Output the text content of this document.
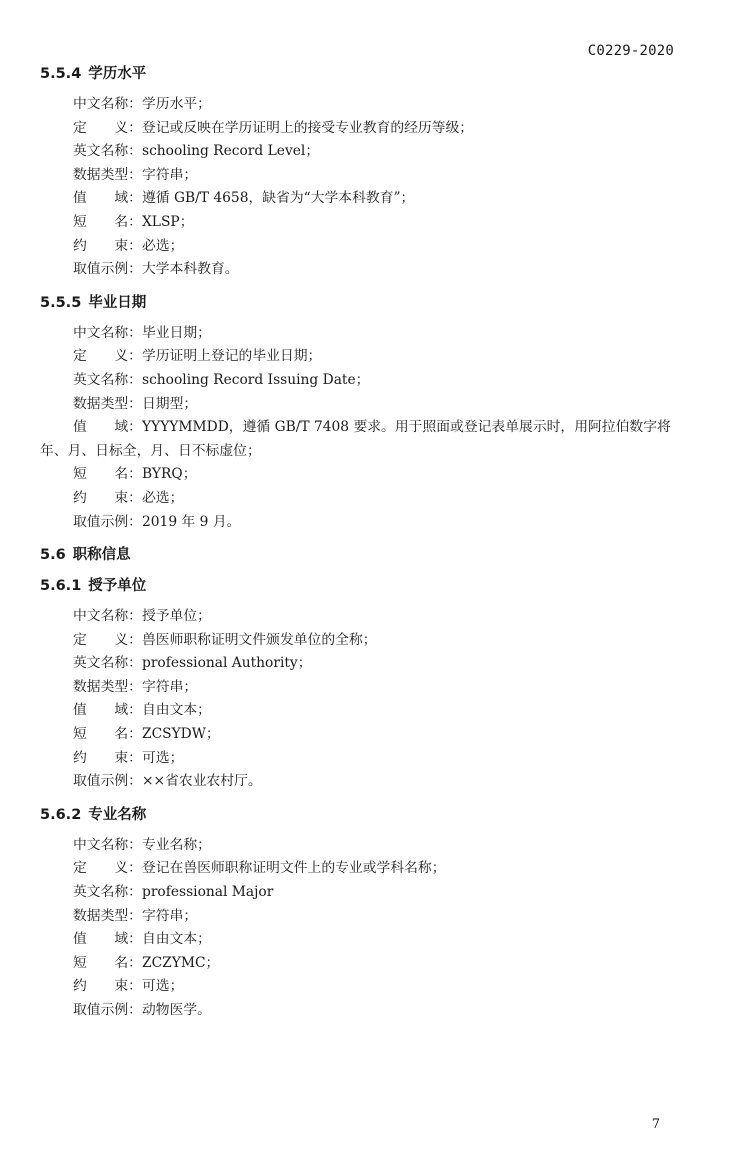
C0229-2020
5.5.4 学历水平
中文名称：学历水平；
定　　义：登记或反映在学历证明上的接受专业教育的经历等级；
英文名称：schooling Record Level；
数据类型：字符串；
值　　域：遵循 GB/T 4658，缺省为“大学本科教育”；
短　　名：XLSP；
约　　束：必选；
取值示例：大学本科教育。
5.5.5 毕业日期
中文名称：毕业日期；
定　　义：学历证明上登记的毕业日期；
英文名称：schooling Record Issuing Date；
数据类型：日期型；
值　　域：YYYYMMDD，遵循 GB/T 7408 要求。用于照面或登记表单展示时，用阿拉伯数字将年、月、日标全，月、日不标虚位；
短　　名：BYRQ；
约　　束：必选；
取值示例：2019 年 9 月。
5.6 职称信息
5.6.1 授予单位
中文名称：授予单位；
定　　义：兽医师职称证明文件颁发单位的全称；
英文名称：professional Authority；
数据类型：字符串；
值　　域：自由文本；
短　　名：ZCSYDW；
约　　束：可选；
取值示例：××省农业农村厅。
5.6.2 专业名称
中文名称：专业名称；
定　　义：登记在兽医师职称证明文件上的专业或学科名称；
英文名称：professional Major
数据类型：字符串；
值　　域：自由文本；
短　　名：ZCZYMC；
约　　束：可选；
取值示例：动物医学。
7
